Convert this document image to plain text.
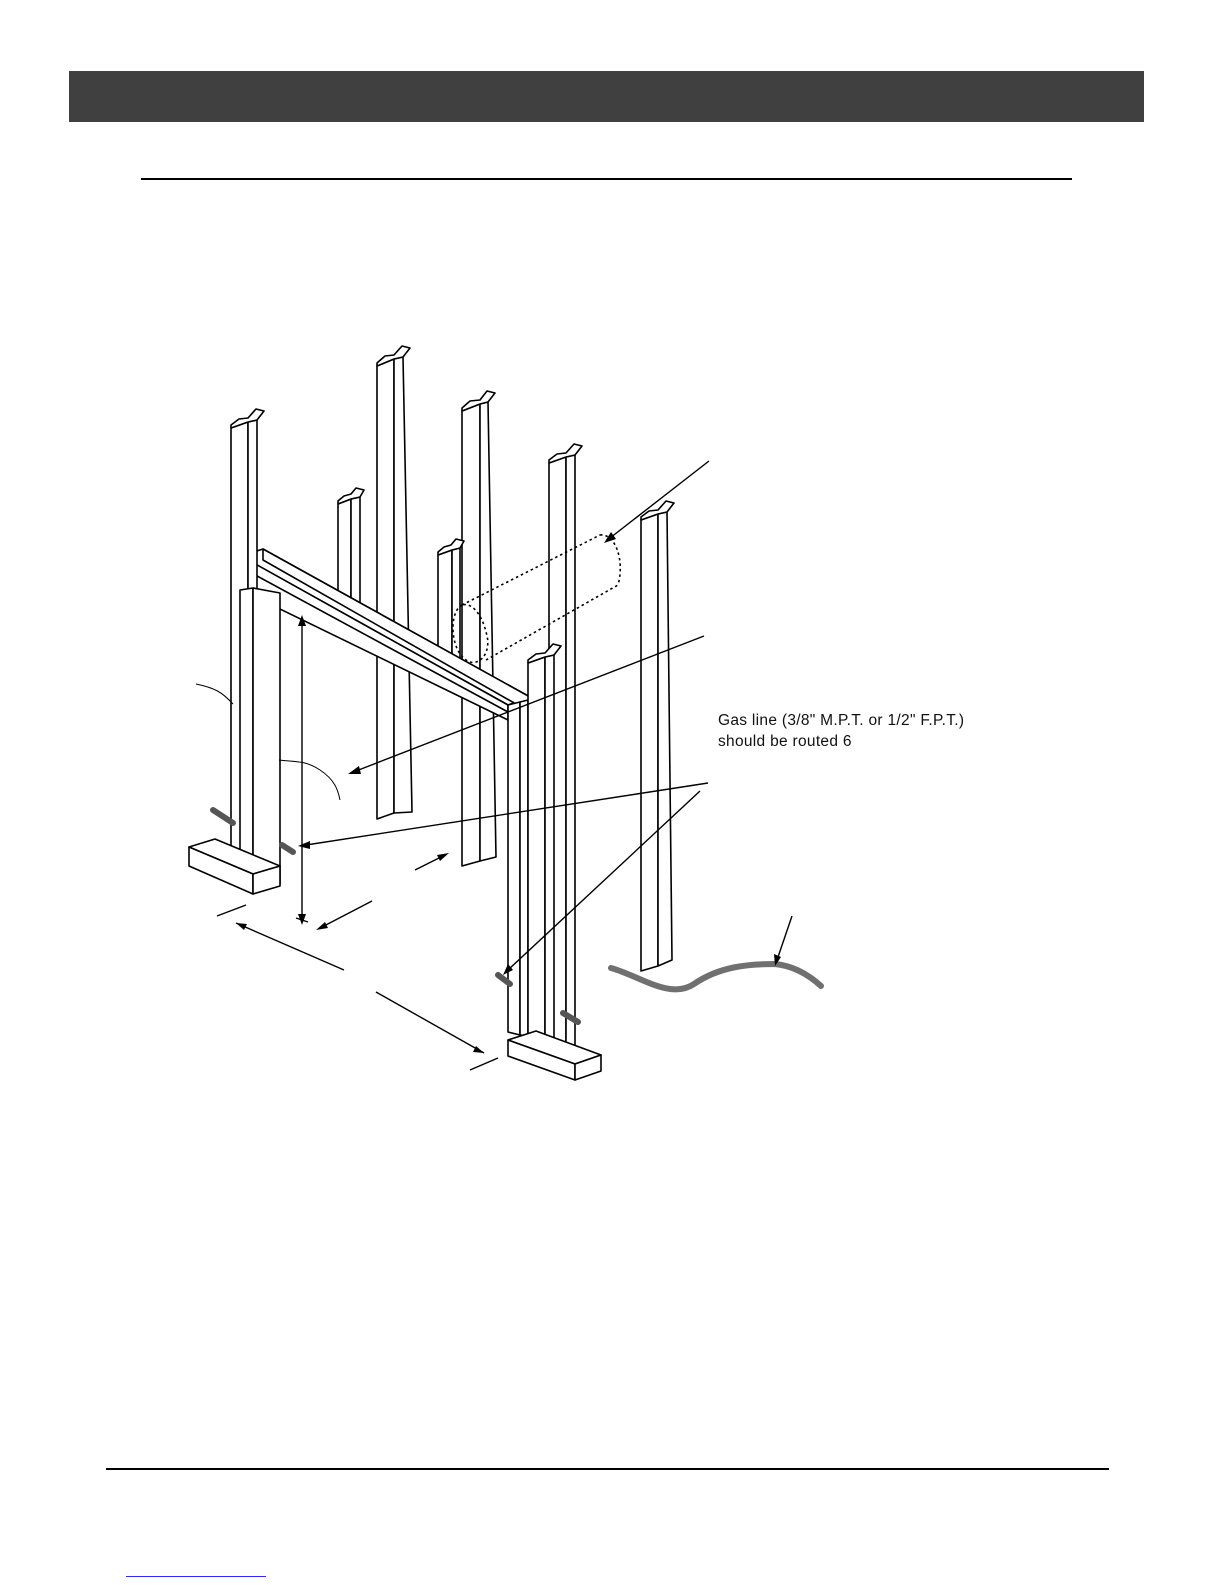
Gas line (3/8" M.P.T. or 1/2" F.P.T.)
should be routed 6
